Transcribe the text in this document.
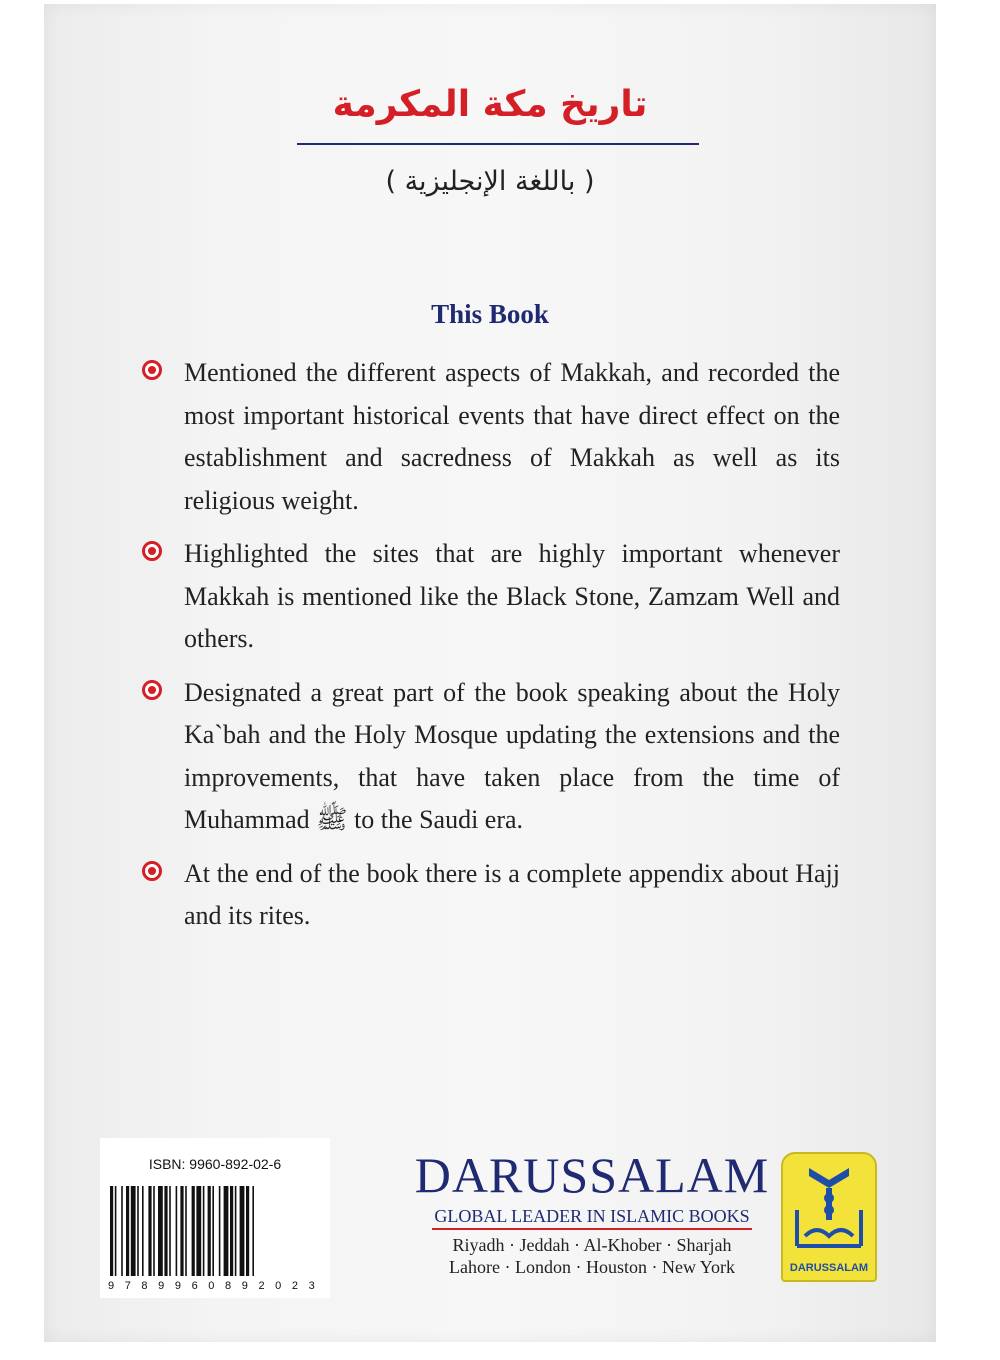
تاريخ مكة المكرمة
( باللغة الإنجليزية )
This Book
Mentioned the different aspects of Makkah, and recorded the most important historical events that have direct effect on the establishment and sacredness of Makkah as well as its religious weight.
Highlighted the sites that are highly important whenever Makkah is mentioned like the Black Stone, Zamzam Well and others.
Designated a great part of the book speaking about the Holy Ka`bah and the Holy Mosque updating the extensions and the improvements, that have taken place from the time of Muhammad ﷺ to the Saudi era.
At the end of the book there is a complete appendix about Hajj and its rites.
ISBN: 9960-892-02-6
9789960892023
DARUSSALAM
GLOBAL LEADER IN ISLAMIC BOOKS
Riyadh · Jeddah · Al-Khober · Sharjah
Lahore · London · Houston · New York	DARUSSALAM
